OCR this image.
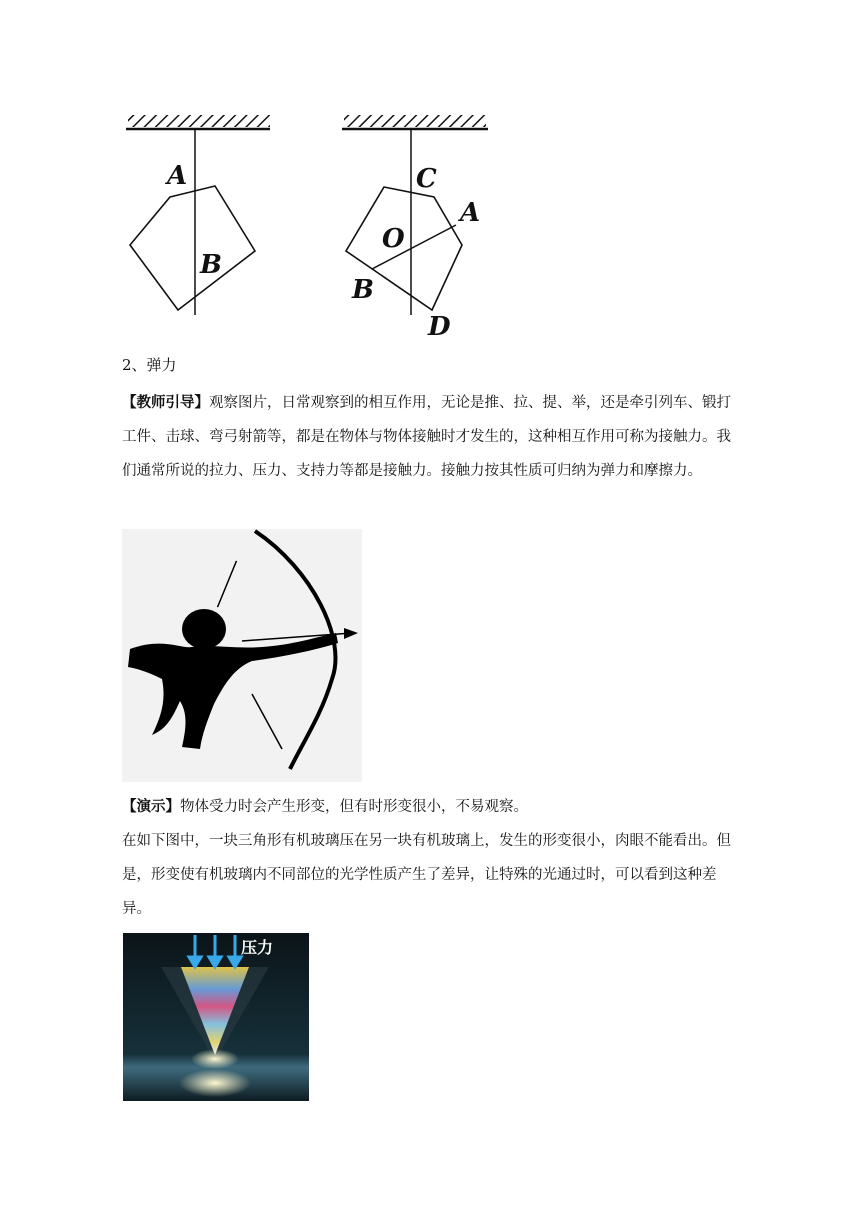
A
B
C
A
O
B
D
2、弹力
【教师引导】观察图片，日常观察到的相互作用，无论是推、拉、提、举，还是牵引列车、锻打工件、击球、弯弓射箭等，都是在物体与物体接触时才发生的，这种相互作用可称为接触力。我们通常所说的拉力、压力、支持力等都是接触力。接触力按其性质可归纳为弹力和摩擦力。
【演示】物体受力时会产生形变，但有时形变很小，不易观察。
在如下图中，一块三角形有机玻璃压在另一块有机玻璃上，发生的形变很小，肉眼不能看出。但是，形变使有机玻璃内不同部位的光学性质产生了差异，让特殊的光通过时，可以看到这种差异。
压力
